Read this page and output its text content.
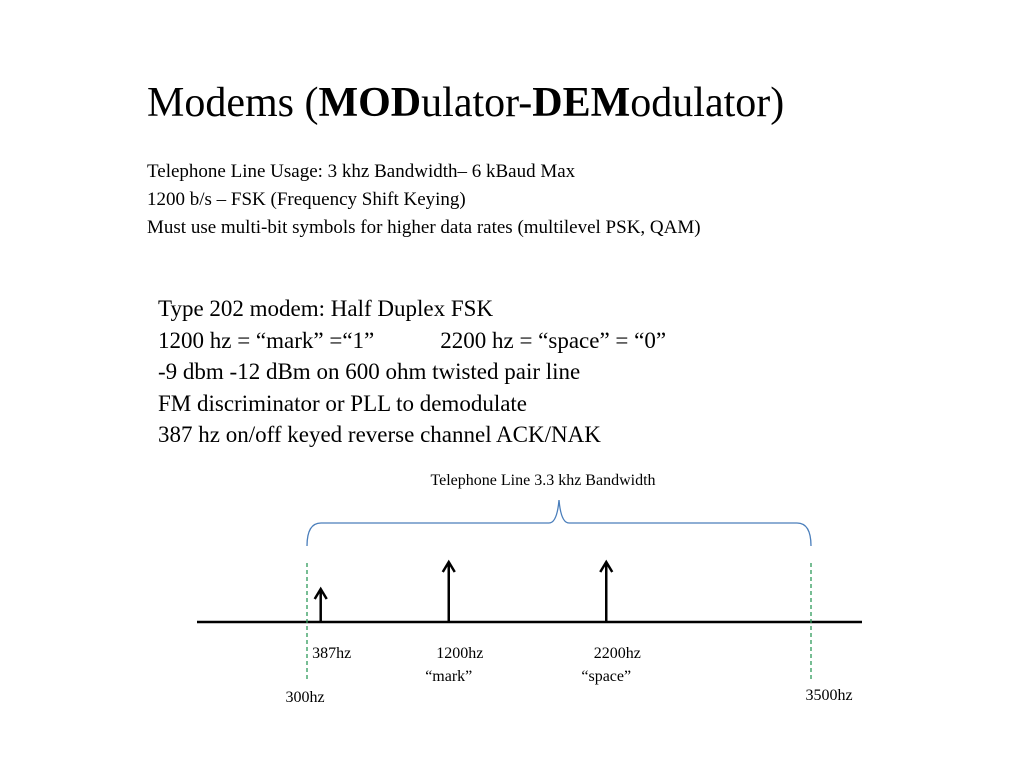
Modems (MODulator-DEModulator)
Telephone Line Usage: 3 khz Bandwidth– 6 kBaud Max
1200 b/s – FSK (Frequency Shift Keying)
Must use multi-bit symbols for higher data rates (multilevel PSK, QAM)
Type 202 modem: Half Duplex FSK
1200 hz = “mark” =“1”	2200 hz = “space” = “0”
-9 dbm -12 dBm on 600 ohm twisted pair line
FM discriminator or PLL to demodulate
387 hz on/off keyed reverse channel ACK/NAK
Telephone Line 3.3 khz Bandwidth
300hz	3500hz
387hz	1200hz
“mark”
2200hz
“space”
